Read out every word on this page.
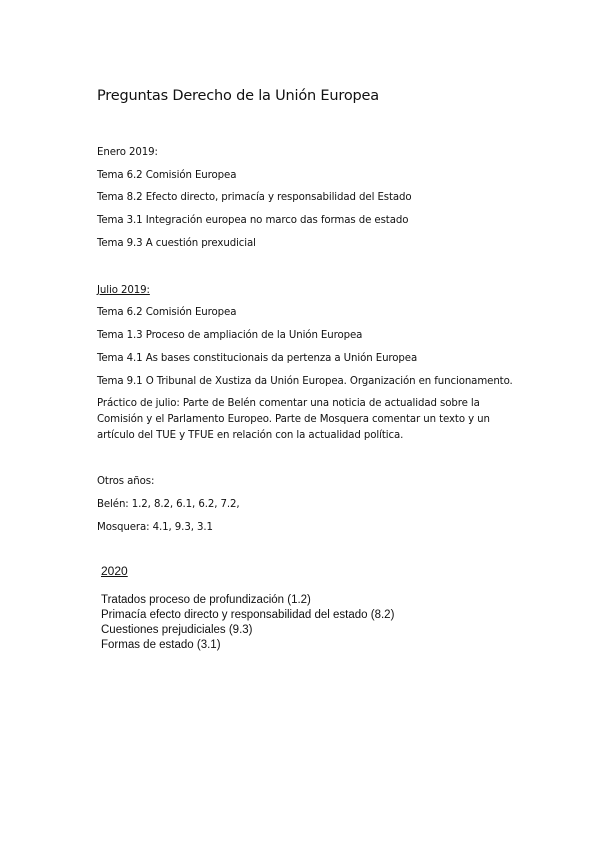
Preguntas Derecho de la Unión Europea
Enero 2019:
Tema 6.2 Comisión Europea
Tema 8.2 Efecto directo, primacía y responsabilidad del Estado
Tema 3.1 Integración europea no marco das formas de estado
Tema 9.3 A cuestión prexudicial
Julio 2019:
Tema 6.2 Comisión Europea
Tema 1.3 Proceso de ampliación de la Unión Europea
Tema 4.1 As bases constitucionais da pertenza a Unión Europea
Tema 9.1 O Tribunal de Xustiza da Unión Europea. Organización en funcionamento.
Práctico de julio: Parte de Belén comentar una noticia de actualidad sobre la Comisión y el Parlamento Europeo. Parte de Mosquera comentar un texto y un artículo del TUE y TFUE en relación con la actualidad política.
Otros años:
Belén: 1.2, 8.2, 6.1, 6.2, 7.2,
Mosquera: 4.1, 9.3, 3.1
2020
Tratados proceso de profundización (1.2)
Primacía efecto directo y responsabilidad del estado (8.2)
Cuestiones prejudiciales (9.3)
Formas de estado (3.1)
